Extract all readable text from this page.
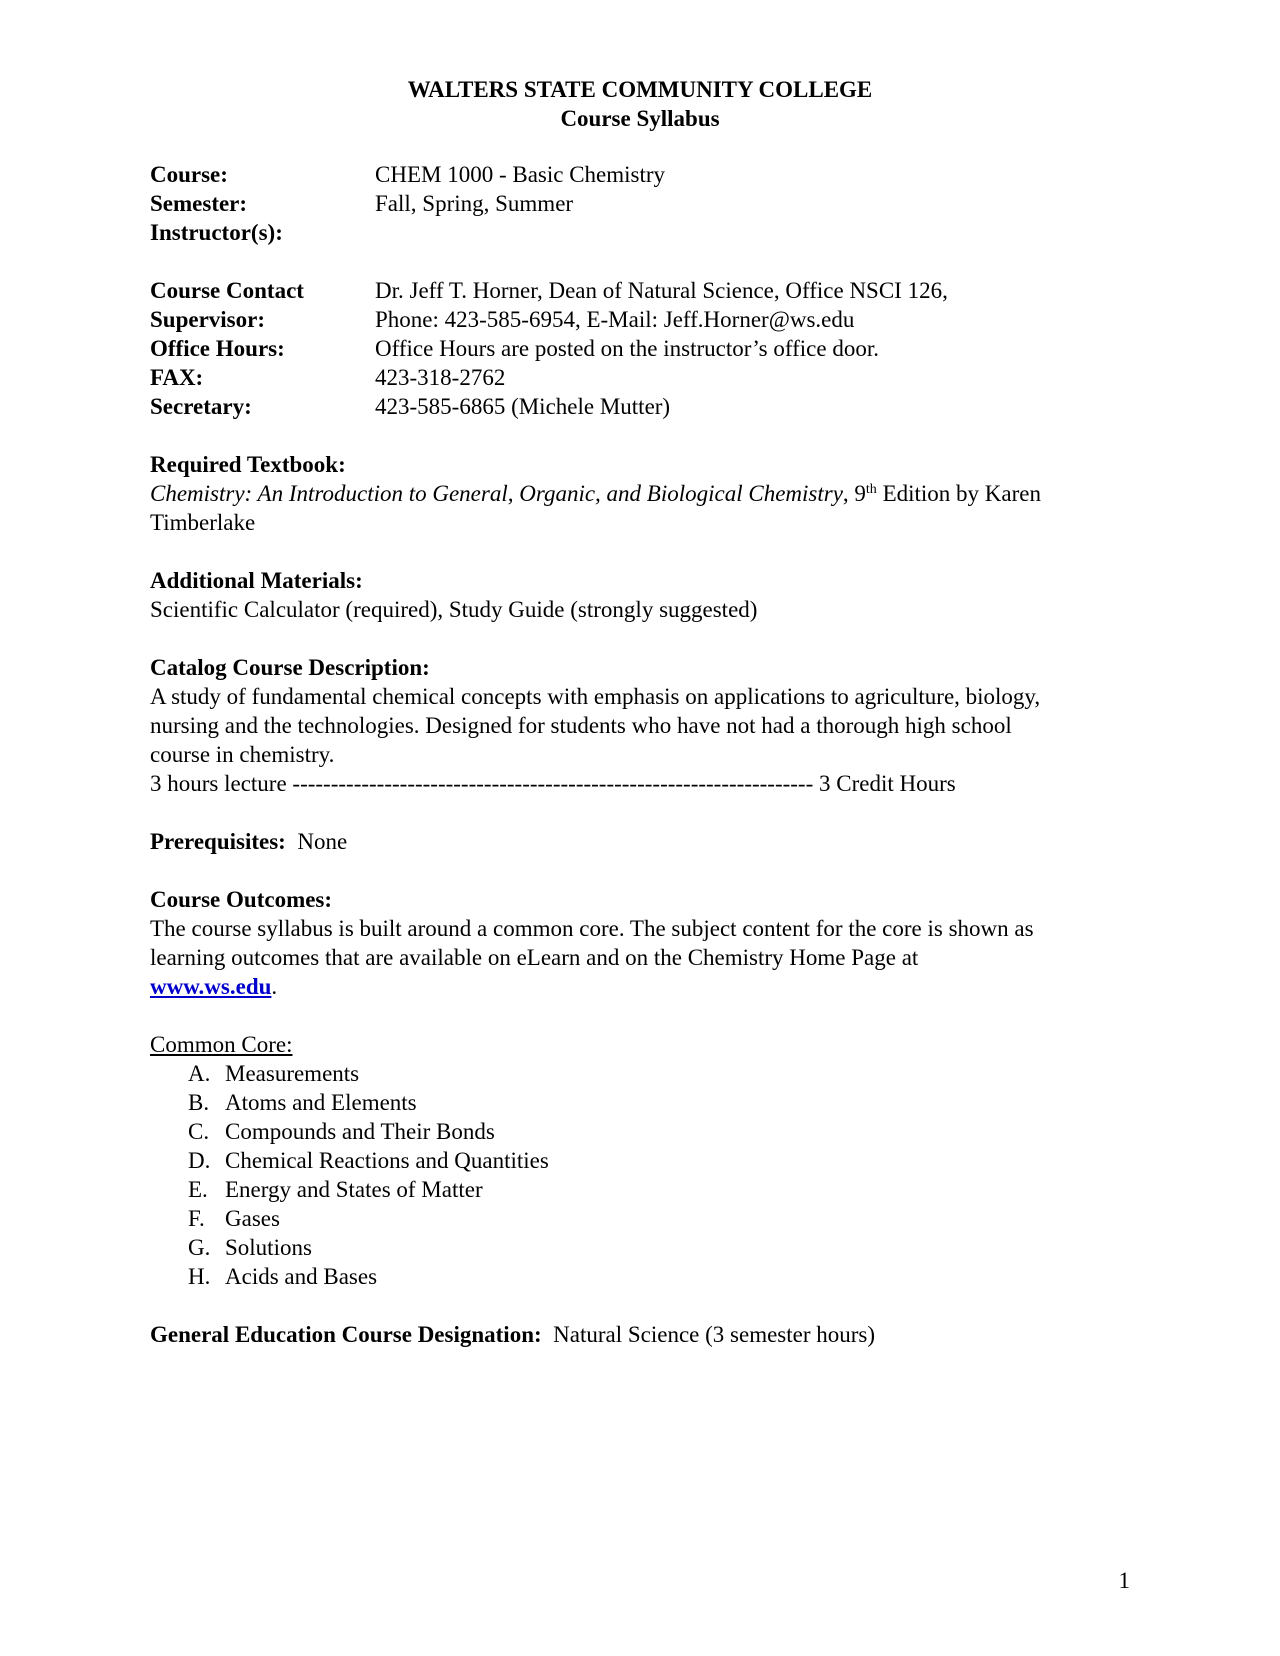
WALTERS STATE COMMUNITY COLLEGE
Course Syllabus
Course:	CHEM 1000 - Basic Chemistry
Semester:	Fall, Spring, Summer
Instructor(s):
Course Contact	Dr. Jeff T. Horner, Dean of Natural Science, Office NSCI 126,
Supervisor:	Phone: 423-585-6954, E-Mail: Jeff.Horner@ws.edu
Office Hours:	Office Hours are posted on the instructor’s office door.
FAX:	423-318-2762
Secretary:	423-585-6865 (Michele Mutter)
Required Textbook:
Chemistry: An Introduction to General, Organic, and Biological Chemistry, 9th Edition by Karen
Timberlake
Additional Materials:
Scientific Calculator (required), Study Guide (strongly suggested)
Catalog Course Description:
A study of fundamental chemical concepts with emphasis on applications to agriculture, biology,
nursing and the technologies. Designed for students who have not had a thorough high school
course in chemistry.
3 hours lecture -------------------------------------------------------------------- 3 Credit Hours
Prerequisites: None
Course Outcomes:
The course syllabus is built around a common core. The subject content for the core is shown as
learning outcomes that are available on eLearn and on the Chemistry Home Page at
www.ws.edu.
Common Core:
A. Measurements
B. Atoms and Elements
C. Compounds and Their Bonds
D. Chemical Reactions and Quantities
E. Energy and States of Matter
F. Gases
G. Solutions
H. Acids and Bases
General Education Course Designation: Natural Science (3 semester hours)
1
